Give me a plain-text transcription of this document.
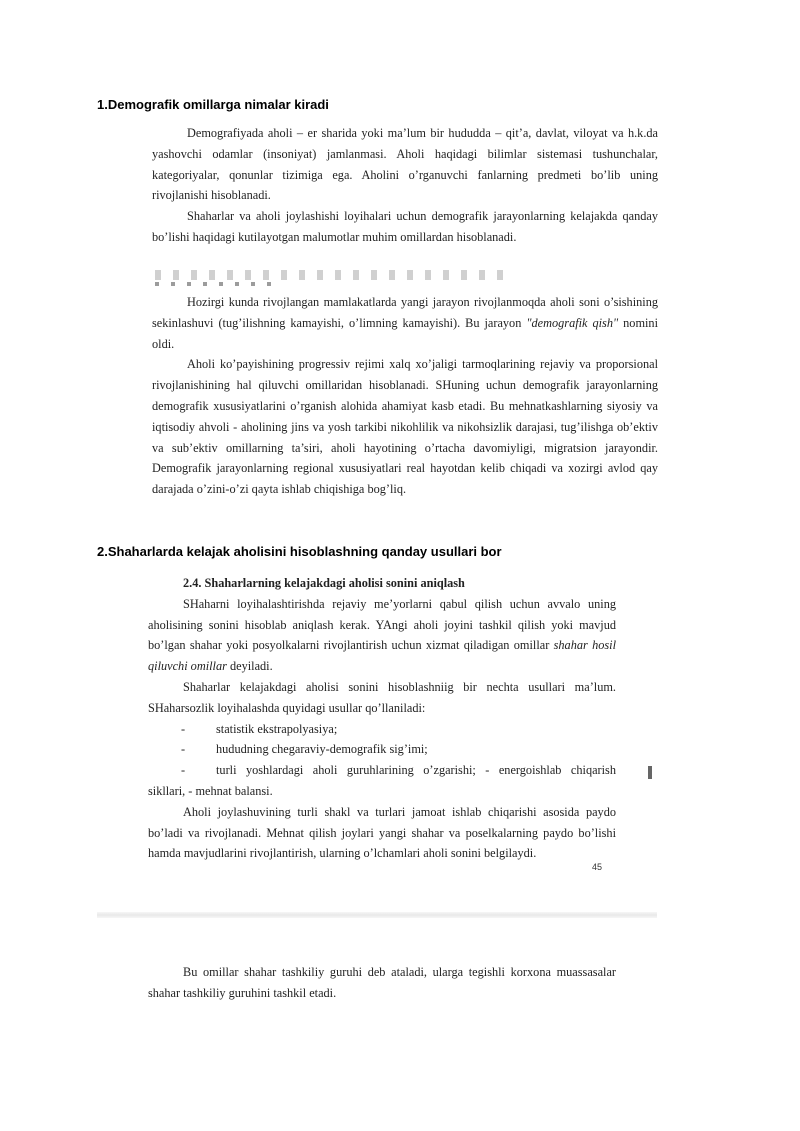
1.Demografik omillarga nimalar kiradi

Demografiyada aholi – er sharida yoki ma’lum bir hududda – qit’a, davlat, viloyat va h.k.da yashovchi odamlar (insoniyat) jamlanmasi. Aholi haqidagi bilimlar sistemasi tushunchalar, kategoriyalar, qonunlar tizimiga ega. Aholini o’rganuvchi fanlarning predmeti bo’lib uning rivojlanishi hisoblanadi.

Shaharlar va aholi joylashishi loyihalari uchun demografik jarayonlarning kelajakda qanday bo’lishi haqidagi kutilayotgan malumotlar muhim omillardan hisoblanadi.

Hozirgi kunda rivojlangan mamlakatlarda yangi jarayon rivojlanmoqda aholi soni o’sishining sekinlashuvi (tug’ilishning kamayishi, o’limning kamayishi). Bu jarayon "demografik qish" nomini oldi.

Aholi ko’payishining progressiv rejimi xalq xo’jaligi tarmoqlarining rejaviy va proporsional rivojlanishining hal qiluvchi omillaridan hisoblanadi. SHuning uchun demografik jarayonlarning demografik xususiyatlarini o’rganish alohida ahamiyat kasb etadi. Bu mehnatkashlarning siyosiy va iqtisodiy ahvoli - aholining jins va yosh tarkibi nikohlilik va nikohsizlik darajasi, tug’ilishga ob’ektiv va sub’ektiv omillarning ta’siri, aholi hayotining o’rtacha davomiyligi, migratsion jarayondir. Demografik jarayonlarning regional xususiyatlari real hayotdan kelib chiqadi va xozirgi avlod qay darajada o’zini-o’zi qayta ishlab chiqishiga bog’liq.

2.Shaharlarda kelajak aholisini hisoblashning qanday usullari bor

2.4. Shaharlarning kelajakdagi aholisi sonini aniqlash

SHaharni loyihalashtirishda rejaviy me’yorlarni qabul qilish uchun avvalo uning aholisining sonini hisoblab aniqlash kerak. YAngi aholi joyini tashkil qilish yoki mavjud bo’lgan shahar yoki posyolkalarni rivojlantirish uchun xizmat qiladigan omillar shahar hosil qiluvchi omillar deyiladi.

Shaharlar kelajakdagi aholisi sonini hisoblashniig bir nechta usullari ma’lum. SHaharsozlik loyihalashda quyidagi usullar qo’llaniladi:

-	statistik ekstrapolyasiya;
-	hududning chegaraviy-demografik sig’imi;
-	turli yoshlardagi aholi guruhlarining o’zgarishi; - energoishlab chiqarish

sikllari, - mehnat balansi.

Aholi joylashuvining turli shakl va turlari jamoat ishlab chiqarishi asosida paydo bo’ladi va rivojlanadi. Mehnat qilish joylari yangi shahar va poselkalarning paydo bo’lishi hamda mavjudlarini rivojlantirish, ularning o’lchamlari aholi sonini belgilaydi.

45

Bu omillar shahar tashkiliy guruhi deb ataladi, ularga tegishli korxona muassasalar shahar tashkiliy guruhini tashkil etadi.
